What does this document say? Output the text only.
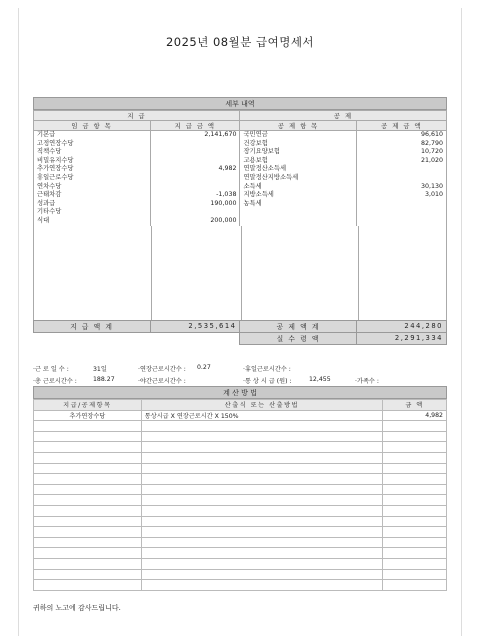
2025년 08월분 급여명세서
세부 내역
지 급		공 제	
임 금 항 목	지 급 금 액	공 제 항 목	공 제 금 액
기본급	2,141,670	국민연금	96,610
고정연장수당		건강보험	82,790
직책수당		장기요양보험	10,720
비밀유지수당		고용보험	21,020
추가연장수당	4,982	연말정산소득세	
휴일근로수당		연말정산지방소득세	
연차수당		소득세	30,130
근태차감	-1,038	지방소득세	3,010
성과급	190,000	농특세	
기타수당			
식대	200,000		
지 급 액 계	2,535,614	공 제 액 계	244,280
		실 수 령 액	2,291,334
·근 로 일 수 :	31일	·연장근로시간수 : 0.27	·휴일근로시간수 :
·총 근로시간수 :	188.27	·야간근로시간수 :	·통 상 시 급 (원) :	12,455	·가족수 :
계 산 방 법
지급/공제항목	산출식 또는 산출방법	금 액
추가연장수당	통상시급 X 연장근로시간 X 150%	4,982

귀하의 노고에 감사드립니다.
